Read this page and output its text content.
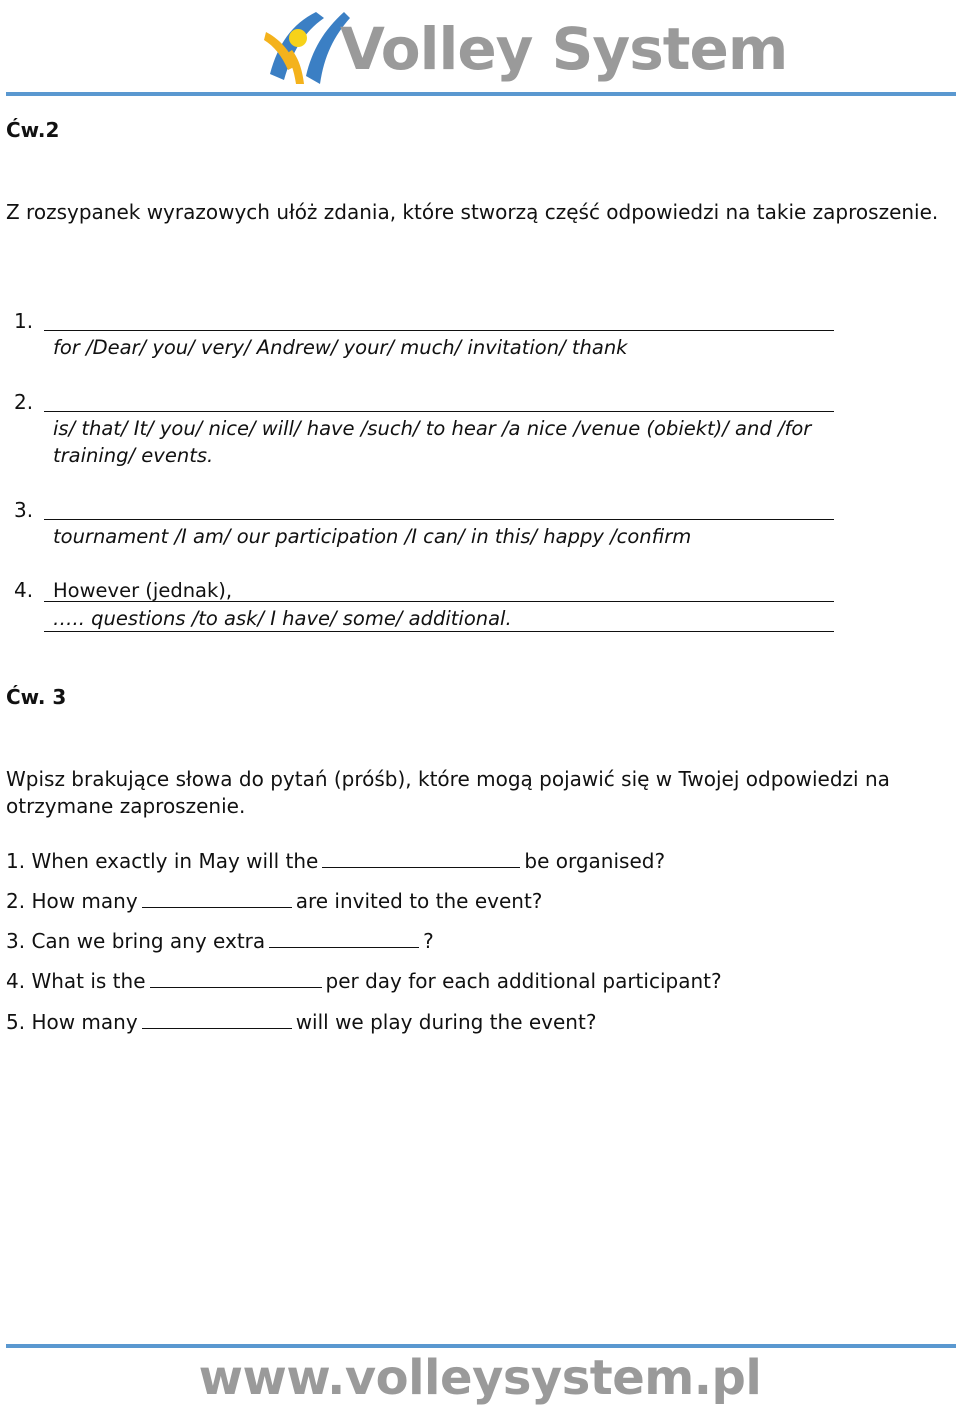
Volley System
Ćw.2
Z rozsypanek wyrazowych ułóż zdania, które stworzą część odpowiedzi na takie zaproszenie.
1.
for /Dear/ you/ very/ Andrew/ your/ much/ invitation/ thank
2.
is/ that/ It/ you/ nice/ will/ have /such/ to hear /a nice /venue (obiekt)/ and /for training/ events.
3.
tournament /I am/ our participation /I can/ in this/ happy /confirm
4. However (jednak),
….. questions /to ask/ I have/ some/ additional.
Ćw. 3
Wpisz brakujące słowa do pytań (próśb), które mogą pojawić się w Twojej odpowiedzi na otrzymane zaproszenie.
1. When exactly in May will the	be organised?
2. How many	are invited to the event?
3. Can we bring any extra	?
4. What is the	per day for each additional participant?
5. How many	will we play during the event?
www.volleysystem.pl
